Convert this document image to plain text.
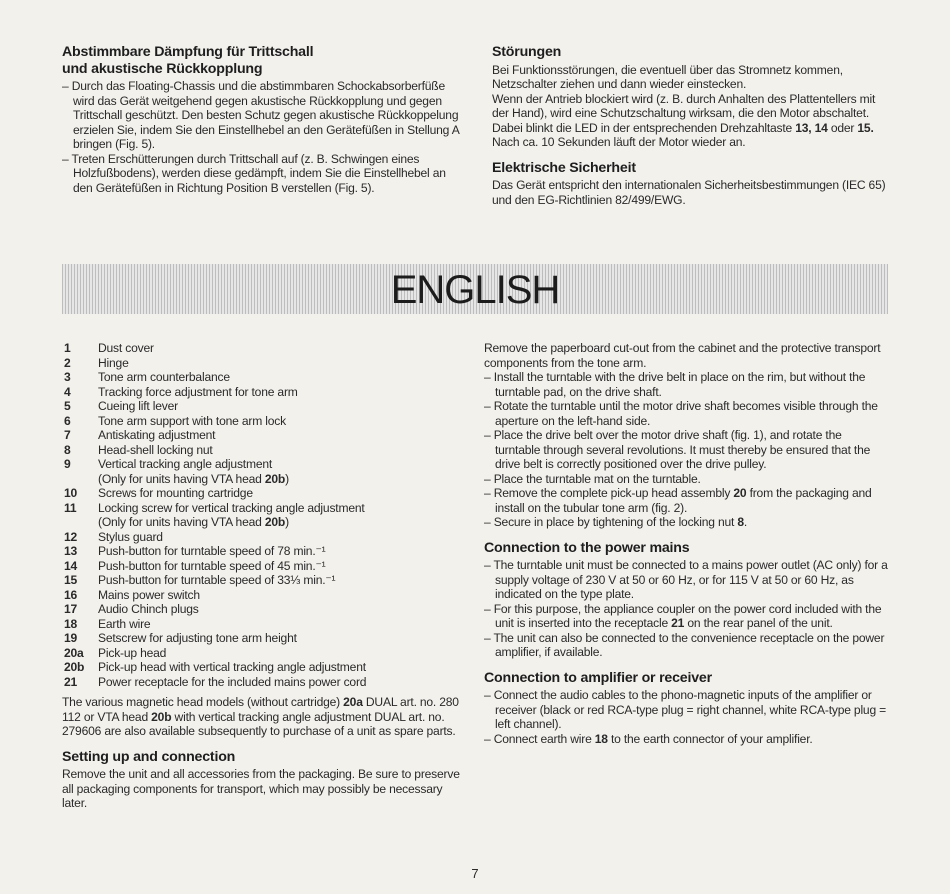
Abstimmbare Dämpfung für Trittschall
und akustische Rückkopplung

– Durch das Floating-Chassis und die abstimmbaren Schockabsorberfüße wird das Gerät weitgehend gegen akustische Rückkopplung und gegen Trittschall geschützt. Den besten Schutz gegen akustische Rückkoppelung erzielen Sie, indem Sie den Einstellhebel an den Gerätefüßen in Stellung A bringen (Fig. 5).

– Treten Erschütterungen durch Trittschall auf (z. B. Schwingen eines Holzfußbodens), werden diese gedämpft, indem Sie die Einstellhebel an den Gerätefüßen in Richtung Position B verstellen (Fig. 5).

Störungen

Bei Funktionsstörungen, die eventuell über das Stromnetz kommen, Netzschalter ziehen und dann wieder einstecken.

Wenn der Antrieb blockiert wird (z. B. durch Anhalten des Plattentellers mit der Hand), wird eine Schutzschaltung wirksam, die den Motor abschaltet.

Dabei blinkt die LED in der entsprechenden Drehzahltaste 13, 14 oder 15. Nach ca. 10 Sekunden läuft der Motor wieder an.

Elektrische Sicherheit

Das Gerät entspricht den internationalen Sicherheitsbestimmungen (IEC 65) und den EG-Richtlinien 82/499/EWG.

ENGLISH
1	Dust cover
2	Hinge
3	Tone arm counterbalance
4	Tracking force adjustment for tone arm
5	Cueing lift lever
6	Tone arm support with tone arm lock
7	Antiskating adjustment
8	Head-shell locking nut
9	Vertical tracking angle adjustment
	(Only for units having VTA head 20b)
10	Screws for mounting cartridge
11	Locking screw for vertical tracking angle adjustment
	(Only for units having VTA head 20b)
12	Stylus guard
13	Push-button for turntable speed of 78 min.⁻¹
14	Push-button for turntable speed of 45 min.⁻¹
15	Push-button for turntable speed of 33⅓ min.⁻¹
16	Mains power switch
17	Audio Chinch plugs
18	Earth wire
19	Setscrew for adjusting tone arm height
20a	Pick-up head
20b	Pick-up head with vertical tracking angle adjustment
21	Power receptacle for the included mains power cord

The various magnetic head models (without cartridge) 20a DUAL art. no. 280 112 or VTA head 20b with vertical tracking angle adjustment DUAL art. no. 279606 are also available subsequently to purchase of a unit as spare parts.

Setting up and connection

Remove the unit and all accessories from the packaging. Be sure to preserve all packaging components for transport, which may possibly be necessary later.

Remove the paperboard cut-out from the cabinet and the protective transport components from the tone arm.

– Install the turntable with the drive belt in place on the rim, but without the turntable pad, on the drive shaft.

– Rotate the turntable until the motor drive shaft becomes visible through the aperture on the left-hand side.

– Place the drive belt over the motor drive shaft (fig. 1), and rotate the turntable through several revolutions. It must thereby be ensured that the drive belt is correctly positioned over the drive pulley.

– Place the turntable mat on the turntable.

– Remove the complete pick-up head assembly 20 from the packaging and install on the tubular tone arm (fig. 2).

– Secure in place by tightening of the locking nut 8.

Connection to the power mains

– The turntable unit must be connected to a mains power outlet (AC only) for a supply voltage of 230 V at 50 or 60 Hz, or for 115 V at 50 or 60 Hz, as indicated on the type plate.

– For this purpose, the appliance coupler on the power cord included with the unit is inserted into the receptacle 21 on the rear panel of the unit.

– The unit can also be connected to the convenience receptacle on the power amplifier, if available.

Connection to amplifier or receiver

– Connect the audio cables to the phono-magnetic inputs of the amplifier or receiver (black or red RCA-type plug = right channel, white RCA-type plug = left channel).

– Connect earth wire 18 to the earth connector of your amplifier.

7
